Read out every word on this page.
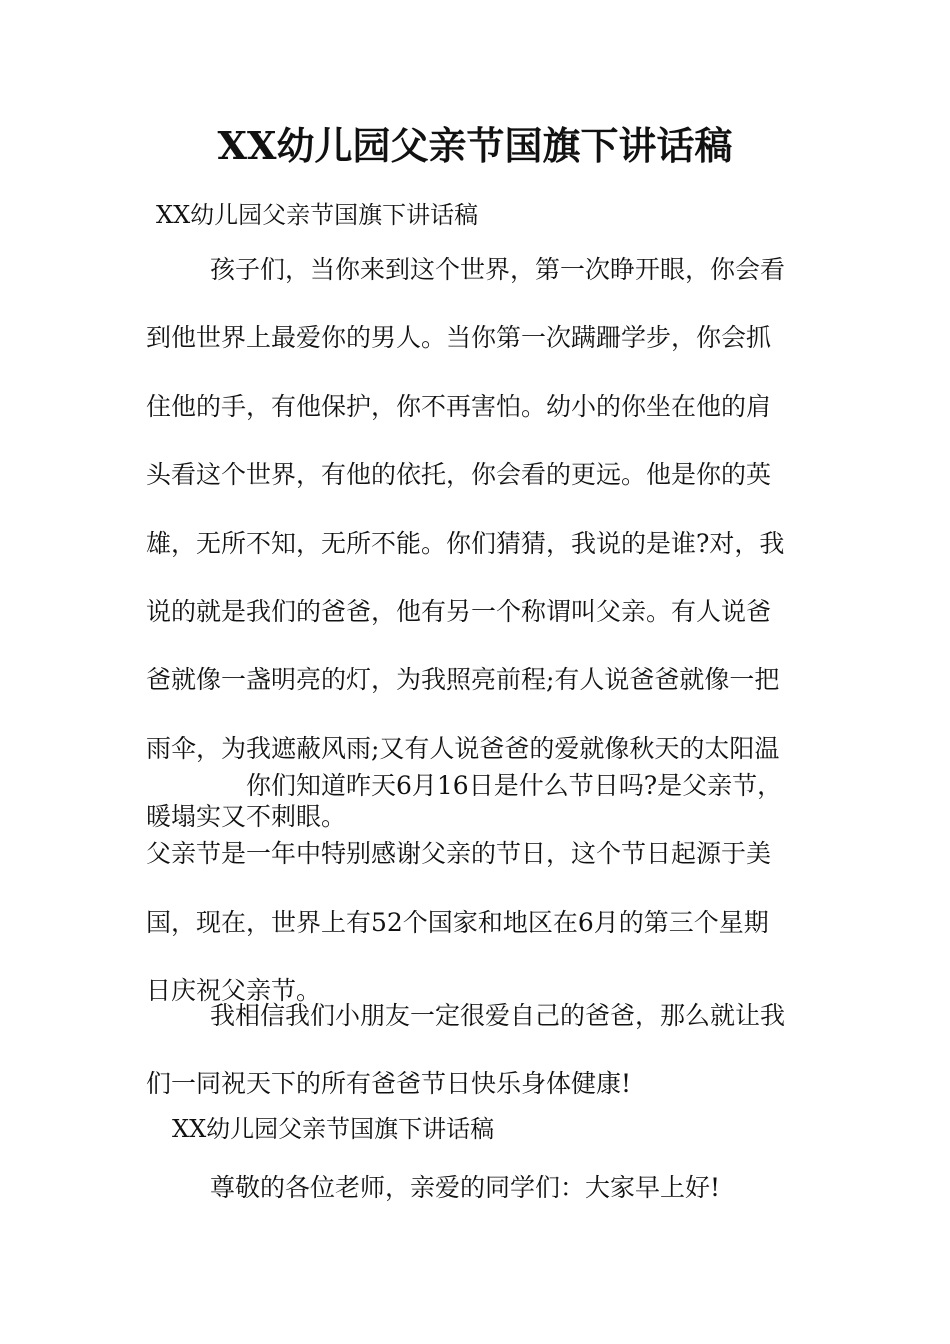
XX幼儿园父亲节国旗下讲话稿
XX幼儿园父亲节国旗下讲话稿
孩子们，当你来到这个世界，第一次睁开眼，你会看
到他世界上最爱你的男人。当你第一次蹒跚学步，你会抓
住他的手，有他保护，你不再害怕。幼小的你坐在他的肩
头看这个世界，有他的依托，你会看的更远。他是你的英
雄，无所不知，无所不能。你们猜猜，我说的是谁?对，我
说的就是我们的爸爸，他有另一个称谓叫父亲。有人说爸
爸就像一盏明亮的灯，为我照亮前程;有人说爸爸就像一把
雨伞，为我遮蔽风雨;又有人说爸爸的爱就像秋天的太阳温
暖塌实又不刺眼。
你们知道昨天6月16日是什么节日吗?是父亲节，
父亲节是一年中特别感谢父亲的节日，这个节日起源于美
国，现在，世界上有52个国家和地区在6月的第三个星期
日庆祝父亲节。
我相信我们小朋友一定很爱自己的爸爸，那么就让我
们一同祝天下的所有爸爸节日快乐身体健康!
XX幼儿园父亲节国旗下讲话稿
尊敬的各位老师，亲爱的同学们：大家早上好!
